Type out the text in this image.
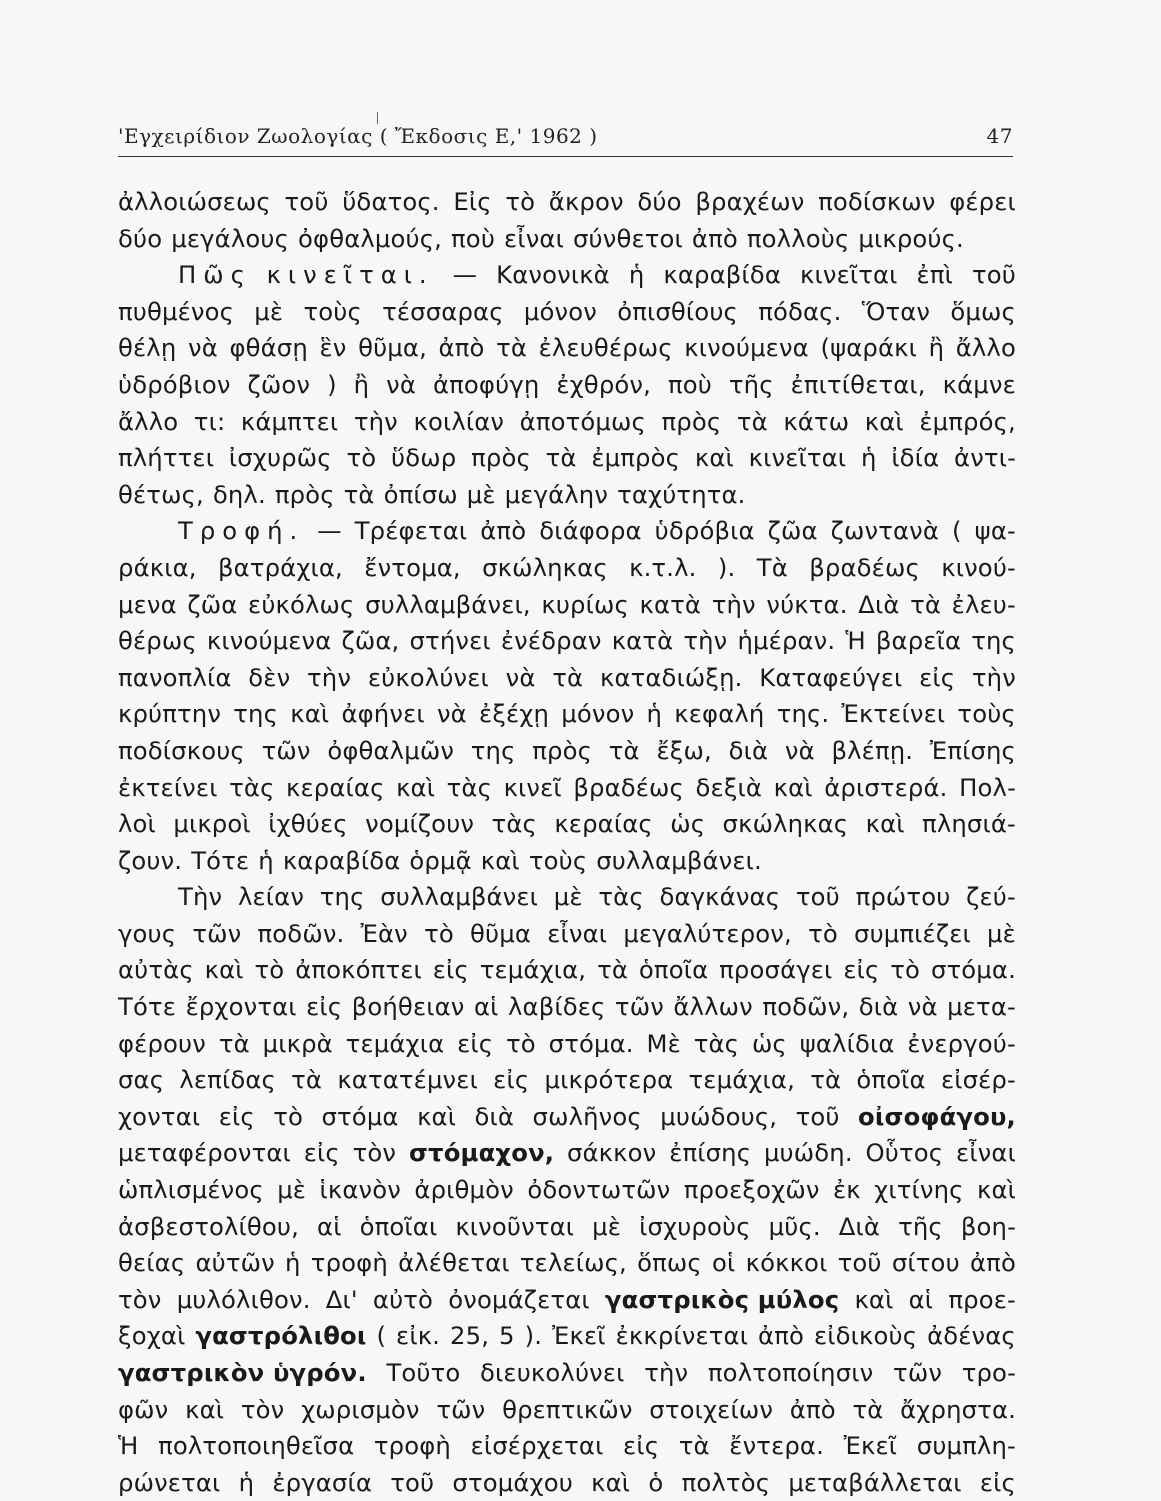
'Εγχειρίδιον Ζωολογίας ( Ἔκδοσις Ε,' 1962 )	47
ἀλλοιώσεως τοῦ ὕδατος. Εἰς τὸ ἄκρον δύο βραχέων ποδίσκων φέρει
δύο μεγάλους ὀφθαλμούς, ποὺ εἶναι σύνθετοι ἀπὸ πολλοὺς μικρούς.
Πῶς κινεῖται. — Κανονικὰ ἡ καραβίδα κινεῖται ἐπὶ τοῦ
πυθμένος μὲ τοὺς τέσσαρας μόνον ὀπισθίους πόδας. Ὅταν ὅμως
θέλῃ νὰ φθάσῃ ἓν θῦμα, ἀπὸ τὰ ἐλευθέρως κινούμενα (ψαράκι ἢ ἄλλο
ὑδρόβιον ζῶον ) ἢ νὰ ἀποφύγῃ ἐχθρόν, ποὺ τῆς ἐπιτίθεται, κάμνε
ἄλλο τι: κάμπτει τὴν κοιλίαν ἀποτόμως πρὸς τὰ κάτω καὶ ἐμπρός,
πλήττει ἰσχυρῶς τὸ ὕδωρ πρὸς τὰ ἐμπρὸς καὶ κινεῖται ἡ ἰδία ἀντι-
θέτως, δηλ. πρὸς τὰ ὀπίσω μὲ μεγάλην ταχύτητα.
Τροφή. — Τρέφεται ἀπὸ διάφορα ὑδρόβια ζῶα ζωντανὰ ( ψα-
ράκια, βατράχια, ἔντομα, σκώληκας κ.τ.λ. ). Τὰ βραδέως κινού-
μενα ζῶα εὐκόλως συλλαμβάνει, κυρίως κατὰ τὴν νύκτα. Διὰ τὰ ἐλευ-
θέρως κινούμενα ζῶα, στήνει ἐνέδραν κατὰ τὴν ἡμέραν. Ἡ βαρεῖα της
πανοπλία δὲν τὴν εὐκολύνει νὰ τὰ καταδιώξῃ. Καταφεύγει εἰς τὴν
κρύπτην της καὶ ἀφήνει νὰ ἐξέχῃ μόνον ἡ κεφαλή της. Ἐκτείνει τοὺς
ποδίσκους τῶν ὀφθαλμῶν της πρὸς τὰ ἔξω, διὰ νὰ βλέπῃ. Ἐπίσης
ἐκτείνει τὰς κεραίας καὶ τὰς κινεῖ βραδέως δεξιὰ καὶ ἀριστερά. Πολ-
λοὶ μικροὶ ἰχθύες νομίζουν τὰς κεραίας ὡς σκώληκας καὶ πλησιά-
ζουν. Τότε ἡ καραβίδα ὁρμᾷ καὶ τοὺς συλλαμβάνει.
Τὴν λείαν της συλλαμβάνει μὲ τὰς δαγκάνας τοῦ πρώτου ζεύ-
γους τῶν ποδῶν. Ἐὰν τὸ θῦμα εἶναι μεγαλύτερον, τὸ συμπιέζει μὲ
αὐτὰς καὶ τὸ ἀποκόπτει εἰς τεμάχια, τὰ ὁποῖα προσάγει εἰς τὸ στόμα.
Τότε ἔρχονται εἰς βοήθειαν αἱ λαβίδες τῶν ἄλλων ποδῶν, διὰ νὰ μετα-
φέρουν τὰ μικρὰ τεμάχια εἰς τὸ στόμα. Μὲ τὰς ὡς ψαλίδια ἐνεργού-
σας λεπίδας τὰ κατατέμνει εἰς μικρότερα τεμάχια, τὰ ὁποῖα εἰσέρ-
χονται εἰς τὸ στόμα καὶ διὰ σωλῆνος μυώδους, τοῦ οἰσοφάγου,
μεταφέρονται εἰς τὸν στόμαχον, σάκκον ἐπίσης μυώδη. Οὗτος εἶναι
ὡπλισμένος μὲ ἱκανὸν ἀριθμὸν ὀδοντωτῶν προεξοχῶν ἐκ χιτίνης καὶ
ἀσβεστολίθου, αἱ ὁποῖαι κινοῦνται μὲ ἰσχυροὺς μῦς. Διὰ τῆς βοη-
θείας αὐτῶν ἡ τροφὴ ἀλέθεται τελείως, ὅπως οἱ κόκκοι τοῦ σίτου ἀπὸ
τὸν μυλόλιθον. Δι' αὐτὸ ὀνομάζεται γαστρικὸς μύλος καὶ αἱ προε-
ξοχαὶ γαστρόλιθοι ( εἰκ. 25, 5 ). Ἐκεῖ ἐκκρίνεται ἀπὸ εἰδικοὺς ἀδένας
γαστρικὸν ὑγρόν. Τοῦτο διευκολύνει τὴν πολτοποίησιν τῶν τρο-
φῶν καὶ τὸν χωρισμὸν τῶν θρεπτικῶν στοιχείων ἀπὸ τὰ ἄχρηστα.
Ἡ πολτοποιηθεῖσα τροφὴ εἰσέρχεται εἰς τὰ ἔντερα. Ἐκεῖ συμπλη-
ρώνεται ἡ ἐργασία τοῦ στομάχου καὶ ὁ πολτὸς μεταβάλλεται εἰς
